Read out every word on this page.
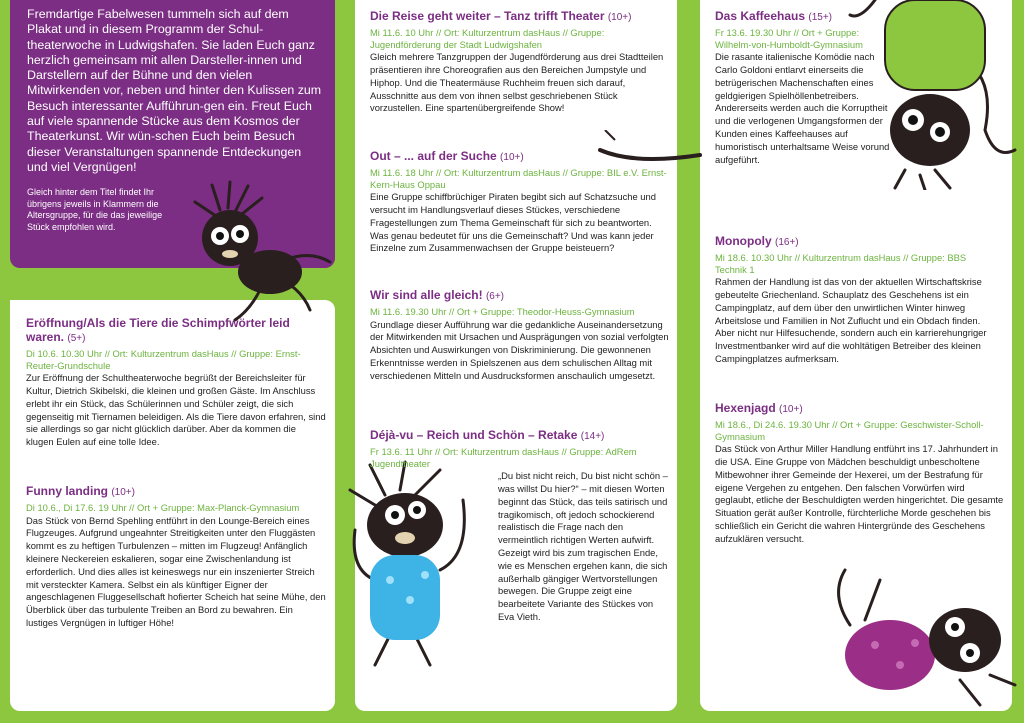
Fremdartige Fabelwesen tummeln sich auf dem Plakat und in diesem Programm der Schul-theaterwoche in Ludwigshafen. Sie laden Euch ganz herzlich gemeinsam mit allen Darsteller-innen und Darstellern auf der Bühne und den vielen Mitwirkenden vor, neben und hinter den Kulissen zum Besuch interessanter Aufführun-gen ein. Freut Euch auf viele spannende Stücke aus dem Kosmos der Theaterkunst. Wir wün-schen Euch beim Besuch dieser Veranstaltungen spannende Entdeckungen und viel Vergnügen!

Gleich hinter dem Titel findet Ihr übrigens jeweils in Klammern die Altersgruppe, für die das jeweilige Stück empfohlen wird.

Eröffnung/Als die Tiere die Schimpfwörter leid waren. (5+)

Di 10.6. 10.30 Uhr // Ort: Kulturzentrum dasHaus // Gruppe: Ernst-Reuter-Grundschule

Zur Eröffnung der Schultheaterwoche begrüßt der Bereichsleiter für Kultur, Dietrich Skibelski, die kleinen und großen Gäste. Im Anschluss erlebt ihr ein Stück, das Schülerinnen und Schüler zeigt, die sich gegenseitig mit Tiernamen beleidigen. Als die Tiere davon erfahren, sind sie allerdings so gar nicht glücklich darüber. Aber da kommen die klugen Eulen auf eine tolle Idee.

Funny landing (10+)

Di 10.6., Di 17.6. 19 Uhr // Ort + Gruppe: Max-Planck-Gymnasium

Das Stück von Bernd Spehling entführt in den Lounge-Bereich eines Flugzeuges. Aufgrund ungeahnter Streitigkeiten unter den Fluggästen kommt es zu heftigen Turbulenzen – mitten im Flugzeug! Anfänglich kleinere Neckereien eskalieren, sogar eine Zwischenlandung ist erforderlich. Und dies alles ist keineswegs nur ein inszenierter Streich mit versteckter Kamera. Selbst ein als künftiger Eigner der angeschlagenen Fluggesellschaft hofierter Scheich hat seine Mühe, den Überblick über das turbulente Treiben an Bord zu bewahren. Ein lustiges Vergnügen in luftiger Höhe!

Die Reise geht weiter – Tanz trifft Theater (10+)

Mi 11.6. 10 Uhr // Ort: Kulturzentrum dasHaus // Gruppe: Jugendförderung der Stadt Ludwigshafen

Gleich mehrere Tanzgruppen der Jugendförderung aus drei Stadtteilen präsentieren ihre Choreografien aus den Bereichen Jumpstyle und Hiphop. Und die Theatermäuse Ruchheim freuen sich darauf, Ausschnitte aus dem von ihnen selbst geschriebenen Stück vorzustellen. Eine spartenübergreifende Show!

Out – ... auf der Suche (10+)

Mi 11.6. 18 Uhr // Ort: Kulturzentrum dasHaus // Gruppe: BIL e.V. Ernst-Kern-Haus Oppau

Eine Gruppe schiffbrüchiger Piraten begibt sich auf Schatzsuche und versucht im Handlungsverlauf dieses Stückes, verschiedene Fragestellungen zum Thema Gemeinschaft für sich zu beantworten. Was genau bedeutet für uns die Gemeinschaft? Und was kann jeder Einzelne zum Zusammenwachsen der Gruppe beisteuern?

Wir sind alle gleich! (6+)

Mi 11.6. 19.30 Uhr // Ort + Gruppe: Theodor-Heuss-Gymnasium

Grundlage dieser Aufführung war die gedankliche Auseinandersetzung der Mitwirkenden mit Ursachen und Ausprägungen von sozial verfolgten Absichten und Auswirkungen von Diskriminierung. Die gewonnenen Erkenntnisse werden in Spielszenen aus dem schulischen Alltag mit verschiedenen Mitteln und Ausdrucksformen anschaulich umgesetzt.

Déjà-vu – Reich und Schön – Retake (14+)

Fr 13.6. 11 Uhr // Ort: Kulturzentrum dasHaus // Gruppe: AdRem Jugendtheater

„Du bist nicht reich, Du bist nicht schön – was willst Du hier?“ – mit diesen Worten beginnt das Stück, das teils satirisch und tragikomisch, oft jedoch schockierend realistisch die Frage nach den vermeintlich richtigen Werten aufwirft. Gezeigt wird bis zum tragischen Ende, wie es Menschen ergehen kann, die sich außerhalb gängiger Wertvorstellungen bewegen. Die Gruppe zeigt eine bearbeitete Variante des Stückes von Eva Vieth.

Das Kaffeehaus (15+)

Fr 13.6. 19.30 Uhr // Ort + Gruppe: Wilhelm-von-Humboldt-Gymnasium

Die rasante italienische Komödie nach Carlo Goldoni entlarvt einerseits die betrügerischen Machenschaften eines geldgierigen Spielhöllenbetreibers. Andererseits werden auch die Korruptheit und die verlogenen Umgangsformen der Kunden eines Kaffeehauses auf humoristisch unterhaltsame Weise vorund aufgeführt.

Monopoly (16+)

Mi 18.6. 10.30 Uhr // Kulturzentrum dasHaus // Gruppe: BBS Technik 1

Rahmen der Handlung ist das von der aktuellen Wirtschaftskrise gebeutelte Griechenland. Schauplatz des Geschehens ist ein Campingplatz, auf dem über den unwirtlichen Winter hinweg Arbeitslose und Familien in Not Zuflucht und ein Obdach finden. Aber nicht nur Hilfesuchende, sondern auch ein karrierehungriger Investmentbanker wird auf die wohltätigen Betreiber des kleinen Campingplatzes aufmerksam.

Hexenjagd (10+)

Mi 18.6., Di 24.6. 19.30 Uhr // Ort + Gruppe: Geschwister-Scholl-Gymnasium

Das Stück von Arthur Miller Handlung entführt ins 17. Jahrhundert in die USA. Eine Gruppe von Mädchen beschuldigt unbescholtene Mitbewohner ihrer Gemeinde der Hexerei, um der Bestrafung für eigene Vergehen zu entgehen. Den falschen Vorwürfen wird geglaubt, etliche der Beschuldigten werden hingerichtet. Die gesamte Situation gerät außer Kontrolle, fürchterliche Morde geschehen bis schließlich ein Gericht die wahren Hintergründe des Geschehens aufzuklären versucht.
